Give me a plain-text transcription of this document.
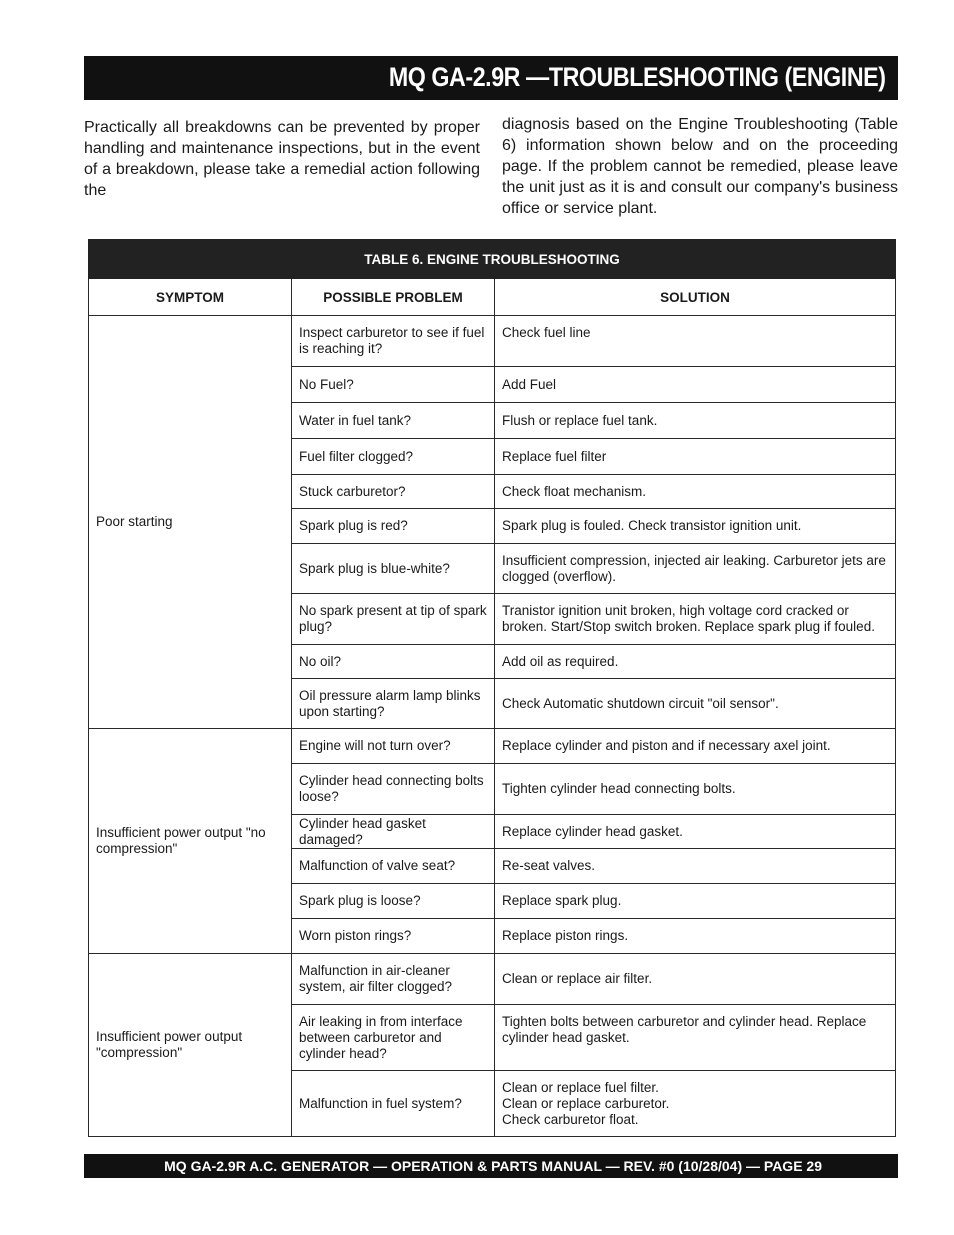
MQ GA-2.9R —TROUBLESHOOTING (ENGINE)

Practically all breakdowns can be prevented by proper handling and maintenance inspections, but in the event of a breakdown, please take a remedial action following the

diagnosis based on the Engine Troubleshooting (Table 6) information shown below and on the proceeding page. If the problem cannot be remedied, please leave the unit just as it is and consult our company's business office or service plant.

TABLE 6. ENGINE TROUBLESHOOTING		
SYMPTOM	POSSIBLE PROBLEM	SOLUTION
Poor starting	Inspect carburetor to see if fuel is reaching it?	Check fuel line
	No Fuel?	Add Fuel
	Water in fuel tank?	Flush or replace fuel tank.
	Fuel filter clogged?	Replace fuel filter
	Stuck carburetor?	Check float mechanism.
	Spark plug is red?	Spark plug is fouled. Check transistor ignition unit.
	Spark plug is blue-white?	Insufficient compression, injected air leaking. Carburetor jets are clogged (overflow).
	No spark present at tip of spark plug?	Tranistor ignition unit broken, high voltage cord cracked or broken. Start/Stop switch broken. Replace spark plug if fouled.
	No oil?	Add oil as required.
	Oil pressure alarm lamp blinks upon starting?	Check Automatic shutdown circuit "oil sensor".
Insufficient power output "no compression"	Engine will not turn over?	Replace cylinder and piston and if necessary axel joint.
	Cylinder head connecting bolts loose?	Tighten cylinder head connecting bolts.
	Cylinder head gasket damaged?	Replace cylinder head gasket.
	Malfunction of valve seat?	Re-seat valves.
	Spark plug is loose?	Replace spark plug.
	Worn piston rings?	Replace piston rings.
Insufficient power output "compression"	Malfunction in air-cleaner system, air filter clogged?	Clean or replace air filter.
	Air leaking in from interface between carburetor and cylinder head?	Tighten bolts between carburetor and cylinder head. Replace cylinder head gasket.
	Malfunction in fuel system?	Clean or replace fuel filter.
Clean or replace carburetor.
Check carburetor float.
MQ GA-2.9R A.C. GENERATOR — OPERATION & PARTS MANUAL — REV. #0 (10/28/04) — PAGE 29
